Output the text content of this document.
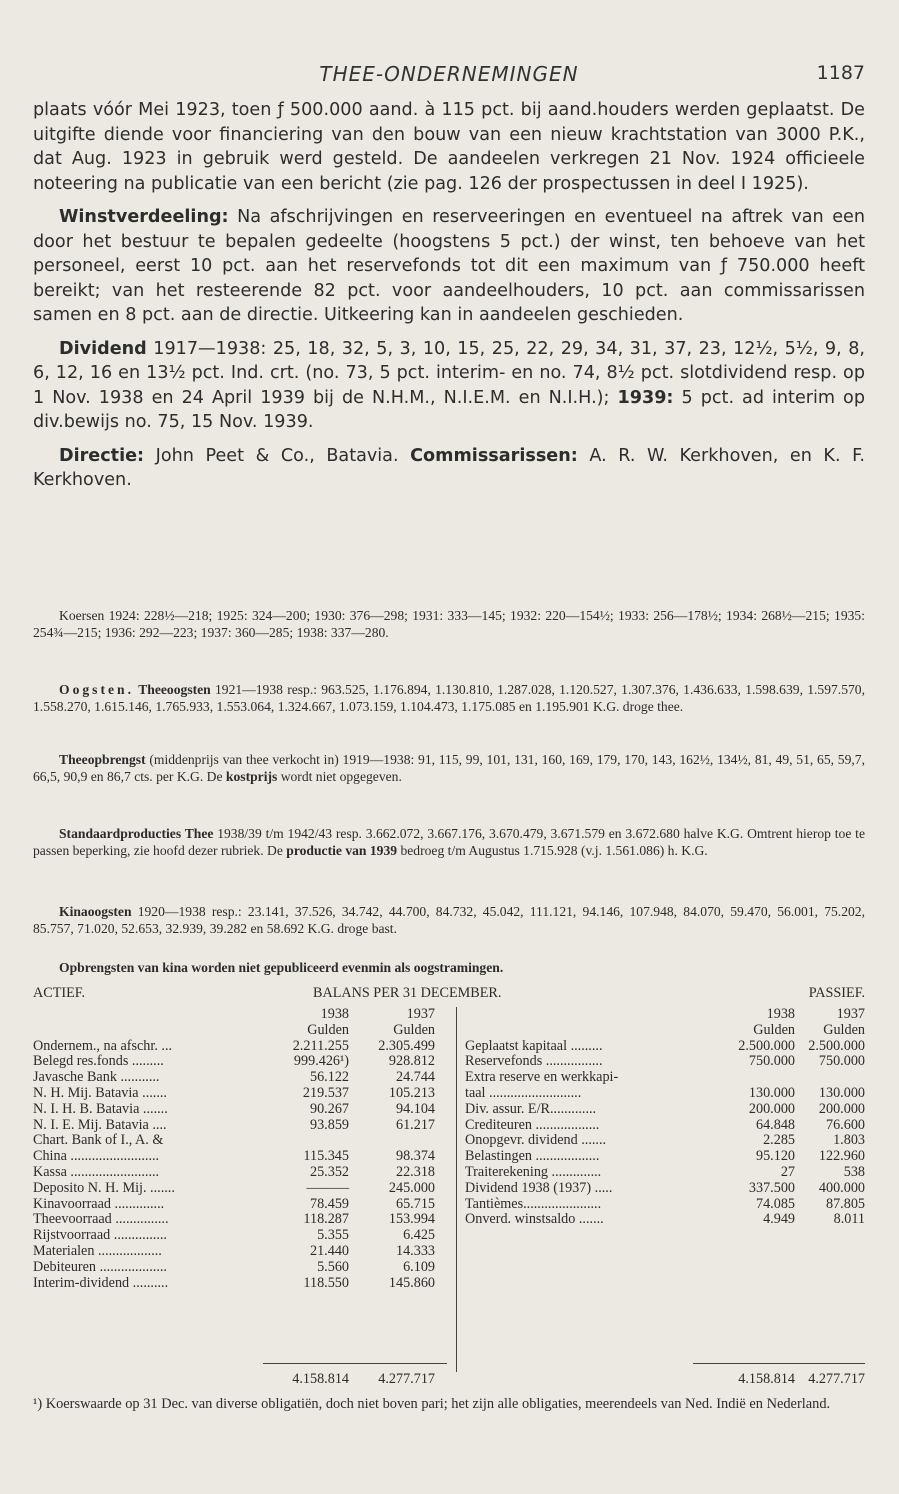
THEE-ONDERNEMINGEN	1187

plaats vóór Mei 1923, toen ƒ 500.000 aand. à 115 pct. bij aand.houders werden geplaatst. De uitgifte diende voor financiering van den bouw van een nieuw krachtstation van 3000 P.K., dat Aug. 1923 in gebruik werd gesteld. De aandeelen verkregen 21 Nov. 1924 officieele noteering na publicatie van een bericht (zie pag. 126 der prospectussen in deel I 1925).

Winstverdeeling: Na afschrijvingen en reserveeringen en eventueel na aftrek van een door het bestuur te bepalen gedeelte (hoogstens 5 pct.) der winst, ten behoeve van het personeel, eerst 10 pct. aan het reservefonds tot dit een maximum van ƒ 750.000 heeft bereikt; van het resteerende 82 pct. voor aandeelhouders, 10 pct. aan commissarissen samen en 8 pct. aan de directie. Uitkeering kan in aandeelen geschieden.

Dividend 1917—1938: 25, 18, 32, 5, 3, 10, 15, 25, 22, 29, 34, 31, 37, 23, 12½, 5½, 9, 8, 6, 12, 16 en 13½ pct. Ind. crt. (no. 73, 5 pct. interim- en no. 74, 8½ pct. slotdividend resp. op 1 Nov. 1938 en 24 April 1939 bij de N.H.M., N.I.E.M. en N.I.H.); 1939: 5 pct. ad interim op div.bewijs no. 75, 15 Nov. 1939.

Directie: John Peet & Co., Batavia. Commissarissen: A. R. W. Kerkhoven, en K. F. Kerkhoven.

Koersen 1924: 228½—218; 1925: 324—200; 1930: 376—298; 1931: 333—145; 1932: 220—154½; 1933: 256—178½; 1934: 268½—215; 1935: 254¾—215; 1936: 292—223; 1937: 360—285; 1938: 337—280.
Oogsten. Theeoogsten 1921—1938 resp.: 963.525, 1.176.894, 1.130.810, 1.287.028, 1.120.527, 1.307.376, 1.436.633, 1.598.639, 1.597.570, 1.558.270, 1.615.146, 1.765.933, 1.553.064, 1.324.667, 1.073.159, 1.104.473, 1.175.085 en 1.195.901 K.G. droge thee.
Theeopbrengst (middenprijs van thee verkocht in) 1919—1938: 91, 115, 99, 101, 131, 160, 169, 179, 170, 143, 162½, 134½, 81, 49, 51, 65, 59,7, 66,5, 90,9 en 86,7 cts. per K.G. De kostprijs wordt niet opgegeven.
Standaardproducties Thee 1938/39 t/m 1942/43 resp. 3.662.072, 3.667.176, 3.670.479, 3.671.579 en 3.672.680 halve K.G. Omtrent hierop toe te passen beperking, zie hoofd dezer rubriek. De productie van 1939 bedroeg t/m Augustus 1.715.928 (v.j. 1.561.086) h. K.G.
Kinaoogsten 1920—1938 resp.: 23.141, 37.526, 34.742, 44.700, 84.732, 45.042, 111.121, 94.146, 107.948, 84.070, 59.470, 56.001, 75.202, 85.757, 71.020, 52.653, 32.939, 39.282 en 58.692 K.G. droge bast.
Opbrengsten van kina worden niet gepubliceerd evenmin als oogstramingen.
ACTIEF.	BALANS PER 31 DECEMBER.	PASSIEF.
1938	1937
Gulden	Gulden
Ondernem., na afschr. ...	2.211.255	2.305.499
Belegd res.fonds .........	999.426¹)	928.812
Javasche Bank ...........	56.122	24.744
N. H. Mij. Batavia .......	219.537	105.213
N. I. H. B. Batavia .......	90.267	94.104
N. I. E. Mij. Batavia ....	93.859	61.217
Chart. Bank of I., A. &
China .........................	115.345	98.374
Kassa .........................	25.352	22.318
Deposito N. H. Mij. .......	———	245.000
Kinavoorraad ..............	78.459	65.715
Theevoorraad ...............	118.287	153.994
Rijstvoorraad ...............	5.355	6.425
Materialen ..................	21.440	14.333
Debiteuren ...................	5.560	6.109
Interim-dividend ..........	118.550	145.860
4.158.814	4.277.717
1938	1937
Gulden	Gulden
Geplaatst kapitaal .........	2.500.000 2.500.000
Reservefonds ................	750.000	750.000
Extra reserve en werkkapi-
taal ..........................	130.000	130.000
Div. assur. E/R.............	200.000	200.000
Crediteuren ..................	64.848	76.600
Onopgevr. dividend .......	2.285	1.803
Belastingen ..................	95.120	122.960
Traiterekening ..............	27	538
Dividend 1938 (1937) .....	337.500	400.000
Tantièmes......................	74.085	87.805
Onverd. winstsaldo .......	4.949	8.011
4.158.814 4.277.717
¹) Koerswaarde op 31 Dec. van diverse obligatiën, doch niet boven pari; het zijn alle obligaties, meerendeels van Ned. Indië en Nederland.
